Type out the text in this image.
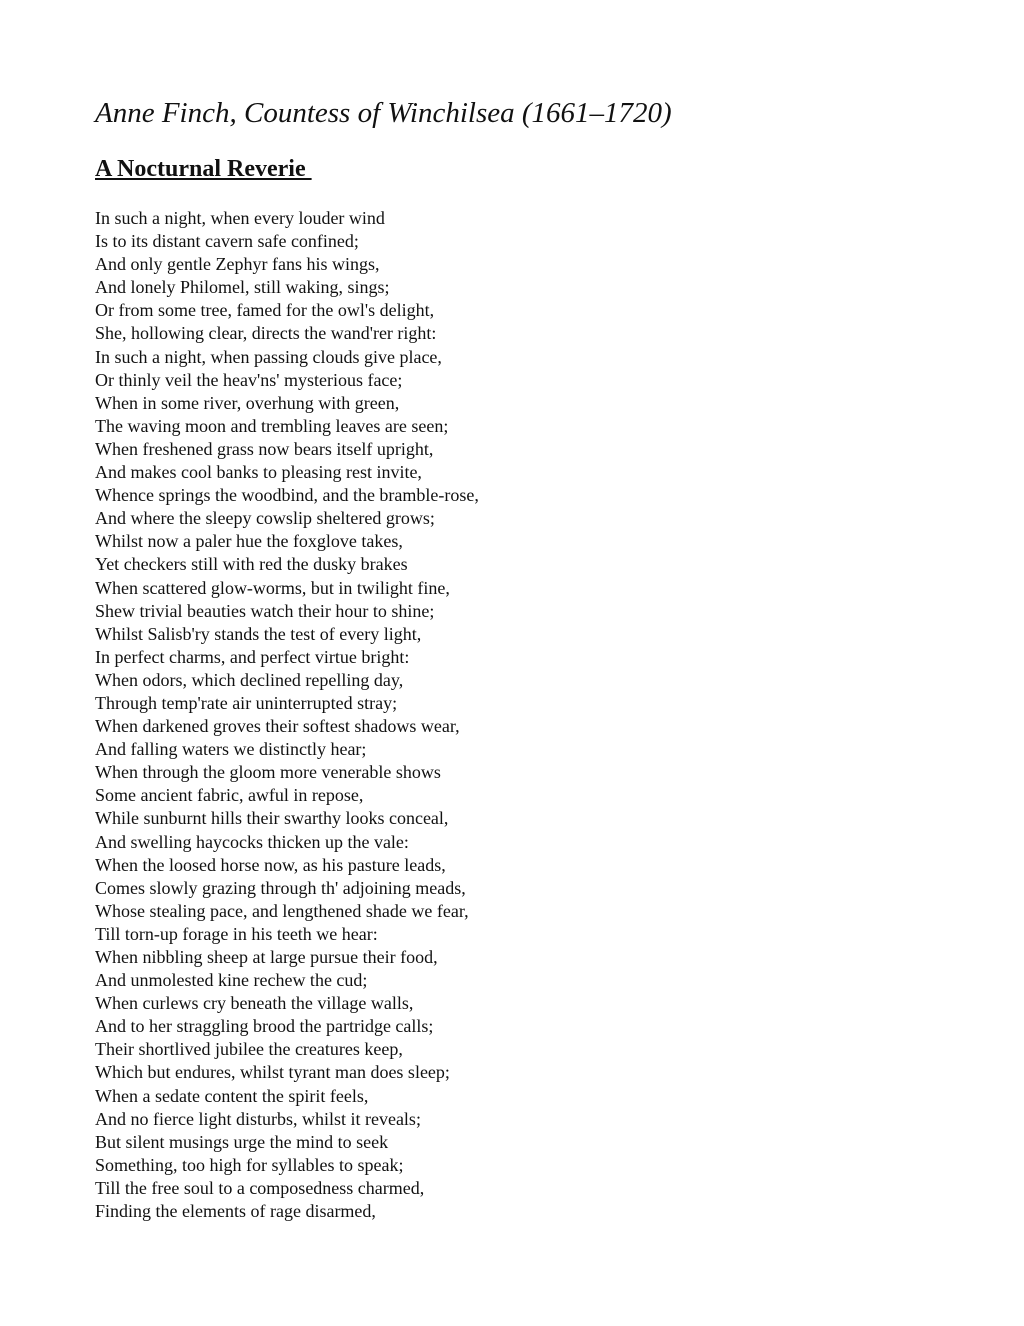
Anne Finch, Countess of Winchilsea (1661–1720)
A Nocturnal Reverie
In such a night, when every louder wind
Is to its distant cavern safe confined;
And only gentle Zephyr fans his wings,
And lonely Philomel, still waking, sings;
Or from some tree, famed for the owl's delight,
She, hollowing clear, directs the wand'rer right:
In such a night, when passing clouds give place,
Or thinly veil the heav'ns' mysterious face;
When in some river, overhung with green,
The waving moon and trembling leaves are seen;
When freshened grass now bears itself upright,
And makes cool banks to pleasing rest invite,
Whence springs the woodbind, and the bramble-rose,
And where the sleepy cowslip sheltered grows;
Whilst now a paler hue the foxglove takes,
Yet checkers still with red the dusky brakes
When scattered glow-worms, but in twilight fine,
Shew trivial beauties watch their hour to shine;
Whilst Salisb'ry stands the test of every light,
In perfect charms, and perfect virtue bright:
When odors, which declined repelling day,
Through temp'rate air uninterrupted stray;
When darkened groves their softest shadows wear,
And falling waters we distinctly hear;
When through the gloom more venerable shows
Some ancient fabric, awful in repose,
While sunburnt hills their swarthy looks conceal,
And swelling haycocks thicken up the vale:
When the loosed horse now, as his pasture leads,
Comes slowly grazing through th' adjoining meads,
Whose stealing pace, and lengthened shade we fear,
Till torn-up forage in his teeth we hear:
When nibbling sheep at large pursue their food,
And unmolested kine rechew the cud;
When curlews cry beneath the village walls,
And to her straggling brood the partridge calls;
Their shortlived jubilee the creatures keep,
Which but endures, whilst tyrant man does sleep;
When a sedate content the spirit feels,
And no fierce light disturbs, whilst it reveals;
But silent musings urge the mind to seek
Something, too high for syllables to speak;
Till the free soul to a composedness charmed,
Finding the elements of rage disarmed,
